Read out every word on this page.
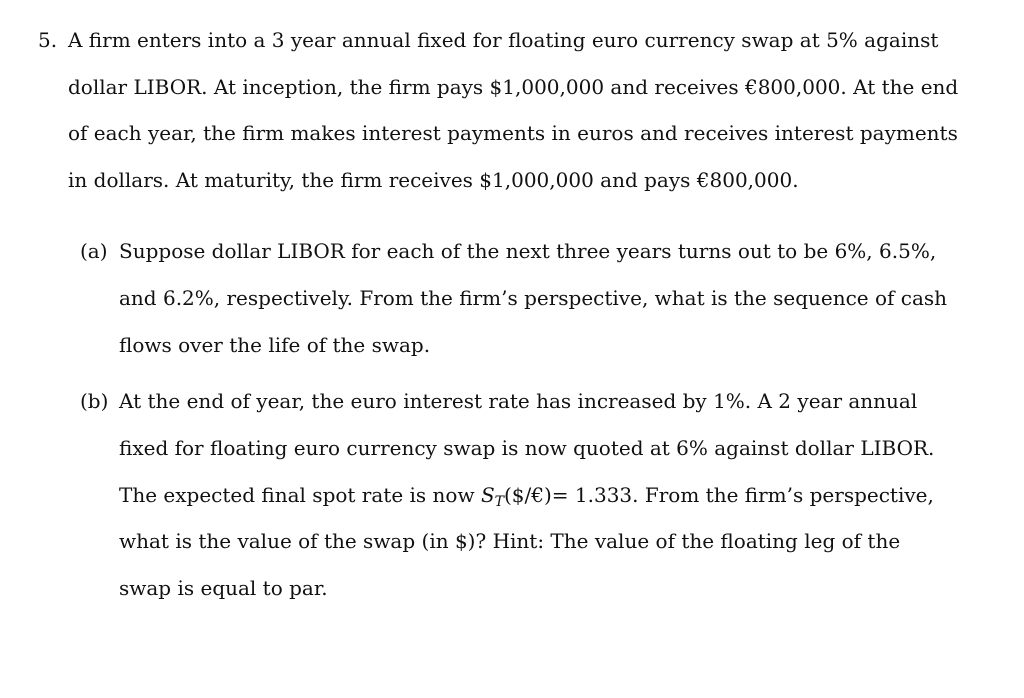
5. A firm enters into a 3 year annual fixed for floating euro currency swap at 5% against
dollar LIBOR. At inception, the firm pays $1,000,000 and receives €800,000. At the end
of each year, the firm makes interest payments in euros and receives interest payments
in dollars. At maturity, the firm receives $1,000,000 and pays €800,000.
(a) Suppose dollar LIBOR for each of the next three years turns out to be 6%, 6.5%,
and 6.2%, respectively. From the firm’s perspective, what is the sequence of cash
flows over the life of the swap.
(b) At the end of year, the euro interest rate has increased by 1%. A 2 year annual
fixed for floating euro currency swap is now quoted at 6% against dollar LIBOR.
The expected final spot rate is now $S_T(\$/€)= 1.333$. From the firm’s perspective,
what is the value of the swap (in $)? Hint: The value of the floating leg of the
swap is equal to par.
